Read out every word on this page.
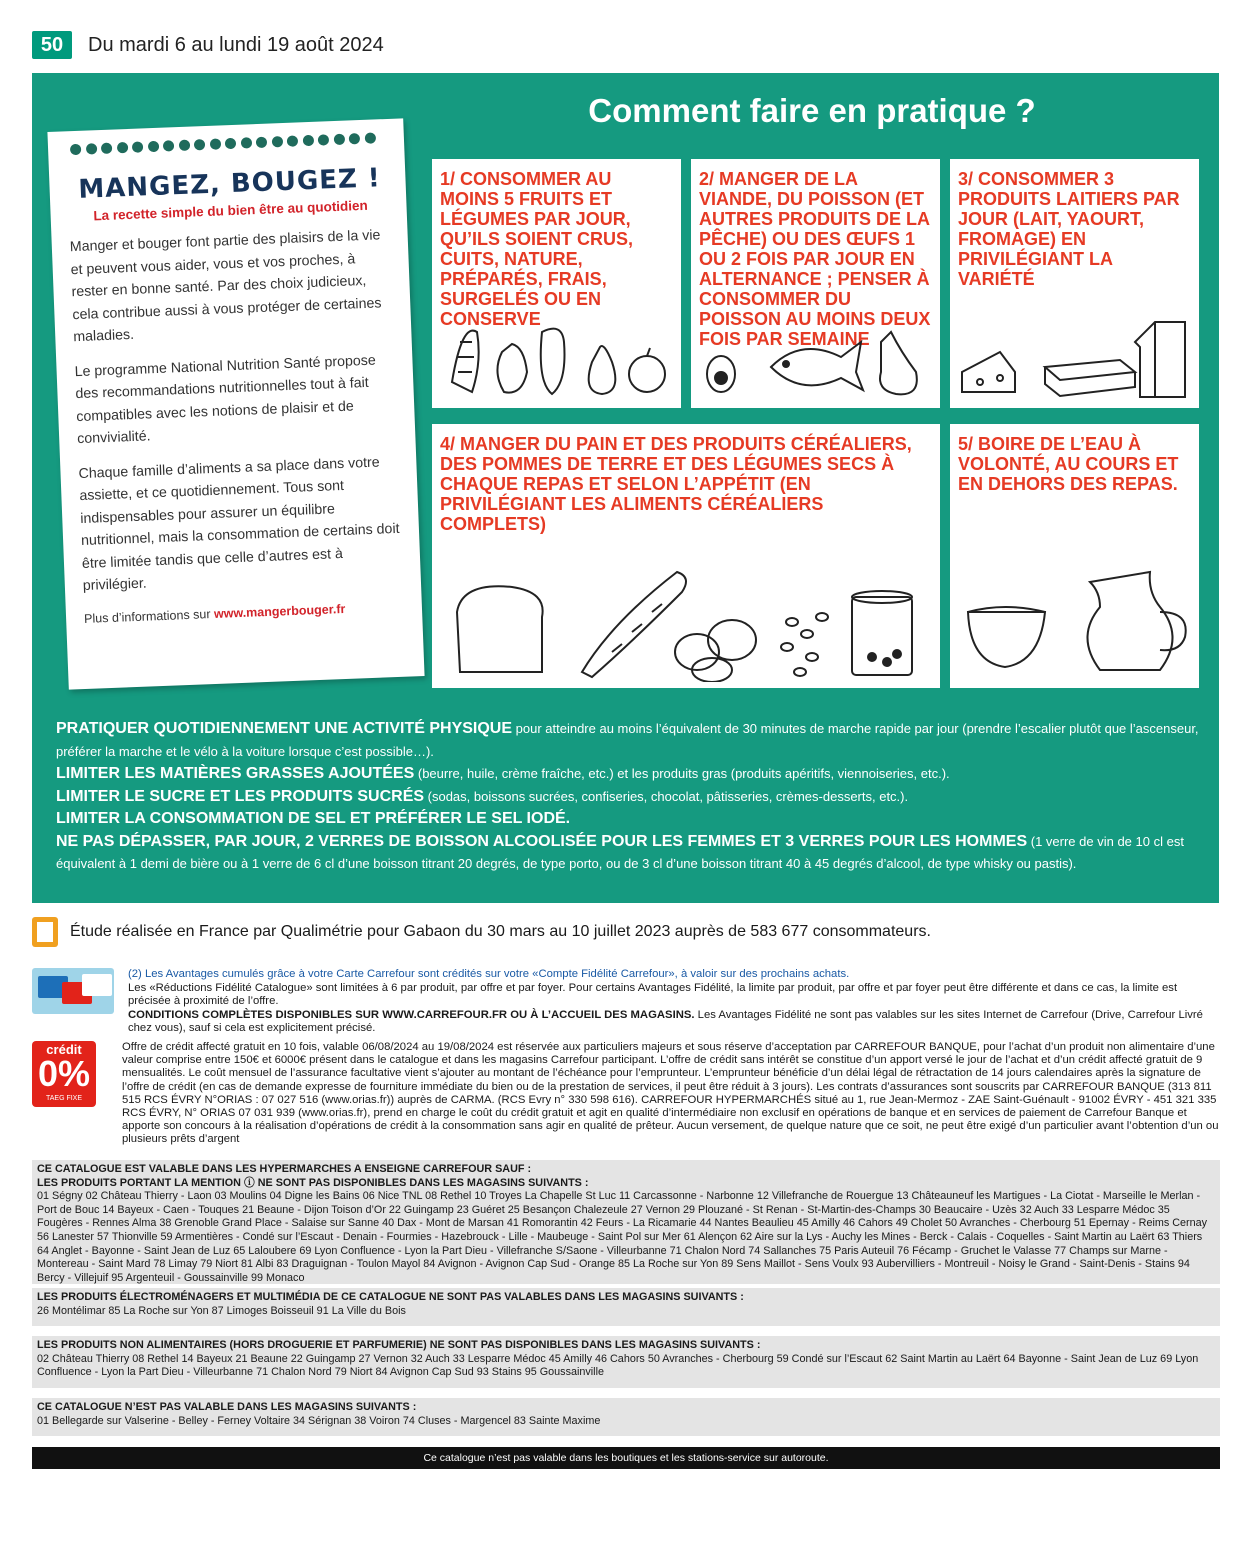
50	Du mardi 6 au lundi 19 août 2024
MANGEZ, BOUGEZ !
La recette simple du bien être au quotidien

Manger et bouger font partie des plaisirs de la vie et peuvent vous aider, vous et vos proches, à rester en bonne santé. Par des choix judicieux, cela contribue aussi à vous protéger de certaines maladies.

Le programme National Nutrition Santé propose des recommandations nutritionnelles tout à fait compatibles avec les notions de plaisir et de convivialité.

Chaque famille d’aliments a sa place dans votre assiette, et ce quotidiennement. Tous sont indispensables pour assurer un équilibre nutritionnel, mais la consommation de certains doit être limitée tandis que celle d’autres est à privilégier.

Plus d’informations sur www.mangerbouger.fr

Comment faire en pratique ?
1/ CONSOMMER AU MOINS 5 FRUITS ET LÉGUMES PAR JOUR, QU’ILS SOIENT CRUS, CUITS, NATURE, PRÉPARÉS, FRAIS, SURGELÉS OU EN CONSERVE
2/ MANGER DE LA VIANDE, DU POISSON (ET AUTRES PRODUITS DE LA PÊCHE) OU DES ŒUFS 1 OU 2 FOIS PAR JOUR EN ALTERNANCE ; PENSER À CONSOMMER DU POISSON AU MOINS DEUX FOIS PAR SEMAINE
3/ CONSOMMER 3 PRODUITS LAITIERS PAR JOUR (LAIT, YAOURT, FROMAGE) EN PRIVILÉGIANT LA VARIÉTÉ
4/ MANGER DU PAIN ET DES PRODUITS CÉRÉALIERS, DES POMMES DE TERRE ET DES LÉGUMES SECS À CHAQUE REPAS ET SELON L’APPÉTIT (EN PRIVILÉGIANT LES ALIMENTS CÉRÉALIERS COMPLETS)
5/ BOIRE DE L’EAU À VOLONTÉ, AU COURS ET EN DEHORS DES REPAS.
PRATIQUER QUOTIDIENNEMENT UNE ACTIVITÉ PHYSIQUE pour atteindre au moins l’équivalent de 30 minutes de marche rapide par jour (prendre l’escalier plutôt que l’ascenseur, préférer la marche et le vélo à la voiture lorsque c’est possible…).
LIMITER LES MATIÈRES GRASSES AJOUTÉES (beurre, huile, crème fraîche, etc.) et les produits gras (produits apéritifs, viennoiseries, etc.).
LIMITER LE SUCRE ET LES PRODUITS SUCRÉS (sodas, boissons sucrées, confiseries, chocolat, pâtisseries, crèmes-desserts, etc.).
LIMITER LA CONSOMMATION DE SEL ET PRÉFÉRER LE SEL IODÉ.
NE PAS DÉPASSER, PAR JOUR, 2 VERRES DE BOISSON ALCOOLISÉE POUR LES FEMMES ET 3 VERRES POUR LES HOMMES (1 verre de vin de 10 cl est équivalent à 1 demi de bière ou à 1 verre de 6 cl d’une boisson titrant 20 degrés, de type porto, ou de 3 cl d’une boisson titrant 40 à 45 degrés d’alcool, de type whisky ou pastis).
Étude réalisée en France par Qualimétrie pour Gabaon du 30 mars au 10 juillet 2023 auprès de 583 677 consommateurs.
(2) Les Avantages cumulés grâce à votre Carte Carrefour sont crédités sur votre «Compte Fidélité Carrefour», à valoir sur des prochains achats.
Les «Réductions Fidélité Catalogue» sont limitées à 6 par produit, par offre et par foyer. Pour certains Avantages Fidélité, la limite par produit, par offre et par foyer peut être différente et dans ce cas, la limite est précisée à proximité de l’offre.
CONDITIONS COMPLÈTES DISPONIBLES SUR WWW.CARREFOUR.FR OU À L’ACCUEIL DES MAGASINS. Les Avantages Fidélité ne sont pas valables sur les sites Internet de Carrefour (Drive, Carrefour Livré chez vous), sauf si cela est explicitement précisé.
crédit
0%
TAEG FIXE
Offre de crédit affecté gratuit en 10 fois, valable 06/08/2024 au 19/08/2024 est réservée aux particuliers majeurs et sous réserve d’acceptation par CARREFOUR BANQUE, pour l’achat d’un produit non alimentaire d’une valeur comprise entre 150€ et 6000€ présent dans le catalogue et dans les magasins Carrefour participant. L’offre de crédit sans intérêt se constitue d’un apport versé le jour de l’achat et d’un crédit affecté gratuit de 9 mensualités. Le coût mensuel de l’assurance facultative vient s’ajouter au montant de l’échéance pour l’emprunteur. L’emprunteur bénéficie d’un délai légal de rétractation de 14 jours calendaires après la signature de l’offre de crédit (en cas de demande expresse de fourniture immédiate du bien ou de la prestation de services, il peut être réduit à 3 jours). Les contrats d’assurances sont souscrits par CARREFOUR BANQUE (313 811 515 RCS ÉVRY N°ORIAS : 07 027 516 (www.orias.fr)) auprès de CARMA. (RCS Evry n° 330 598 616). CARREFOUR HYPERMARCHÉS situé au 1, rue Jean-Mermoz - ZAE Saint-Guénault - 91002 ÉVRY - 451 321 335 RCS ÉVRY, N° ORIAS 07 031 939 (www.orias.fr), prend en charge le coût du crédit gratuit et agit en qualité d’intermédiaire non exclusif en opérations de banque et en services de paiement de Carrefour Banque et apporte son concours à la réalisation d’opérations de crédit à la consommation sans agir en qualité de prêteur. Aucun versement, de quelque nature que ce soit, ne peut être exigé d’un particulier avant l’obtention d’un ou plusieurs prêts d’argent
CE CATALOGUE EST VALABLE DANS LES HYPERMARCHES A ENSEIGNE CARREFOUR SAUF :
LES PRODUITS PORTANT LA MENTION ⓘ NE SONT PAS DISPONIBLES DANS LES MAGASINS SUIVANTS :
01 Ségny 02 Château Thierry - Laon 03 Moulins 04 Digne les Bains 06 Nice TNL 08 Rethel 10 Troyes La Chapelle St Luc 11 Carcassonne - Narbonne 12 Villefranche de Rouergue 13 Châteauneuf les Martigues - La Ciotat - Marseille le Merlan - Port de Bouc 14 Bayeux - Caen - Touques 21 Beaune - Dijon Toison d’Or 22 Guingamp 23 Guéret 25 Besançon Chalezeule 27 Vernon 29 Plouzané - St Renan - St-Martin-des-Champs 30 Beaucaire - Uzès 32 Auch 33 Lesparre Médoc 35 Fougères - Rennes Alma 38 Grenoble Grand Place - Salaise sur Sanne 40 Dax - Mont de Marsan 41 Romorantin 42 Feurs - La Ricamarie 44 Nantes Beaulieu 45 Amilly 46 Cahors 49 Cholet 50 Avranches - Cherbourg 51 Epernay - Reims Cernay 56 Lanester 57 Thionville 59 Armentières - Condé sur l’Escaut - Denain - Fourmies - Hazebrouck - Lille - Maubeuge - Saint Pol sur Mer 61 Alençon 62 Aire sur la Lys - Auchy les Mines - Berck - Calais - Coquelles - Saint Martin au Laërt 63 Thiers 64 Anglet - Bayonne - Saint Jean de Luz 65 Laloubere 69 Lyon Confluence - Lyon la Part Dieu - Villefranche S/Saone - Villeurbanne 71 Chalon Nord 74 Sallanches 75 Paris Auteuil 76 Fécamp - Gruchet le Valasse 77 Champs sur Marne - Montereau - Saint Mard 78 Limay 79 Niort 81 Albi 83 Draguignan - Toulon Mayol 84 Avignon - Avignon Cap Sud - Orange 85 La Roche sur Yon 89 Sens Maillot - Sens Voulx 93 Aubervilliers - Montreuil - Noisy le Grand - Saint-Denis - Stains 94 Bercy - Villejuif 95 Argenteuil - Goussainville 99 Monaco
LES PRODUITS ÉLECTROMÉNAGERS ET MULTIMÉDIA DE CE CATALOGUE NE SONT PAS VALABLES DANS LES MAGASINS SUIVANTS :
26 Montélimar 85 La Roche sur Yon 87 Limoges Boisseuil 91 La Ville du Bois
LES PRODUITS NON ALIMENTAIRES (HORS DROGUERIE ET PARFUMERIE) NE SONT PAS DISPONIBLES DANS LES MAGASINS SUIVANTS :
02 Château Thierry 08 Rethel 14 Bayeux 21 Beaune 22 Guingamp 27 Vernon 32 Auch 33 Lesparre Médoc 45 Amilly 46 Cahors 50 Avranches - Cherbourg 59 Condé sur l’Escaut 62 Saint Martin au Laërt 64 Bayonne - Saint Jean de Luz 69 Lyon Confluence - Lyon la Part Dieu - Villeurbanne 71 Chalon Nord 79 Niort 84 Avignon Cap Sud 93 Stains 95 Goussainville
CE CATALOGUE N’EST PAS VALABLE DANS LES MAGASINS SUIVANTS :
01 Bellegarde sur Valserine - Belley - Ferney Voltaire 34 Sérignan 38 Voiron 74 Cluses - Margencel 83 Sainte Maxime
Ce catalogue n’est pas valable dans les boutiques et les stations-service sur autoroute.
